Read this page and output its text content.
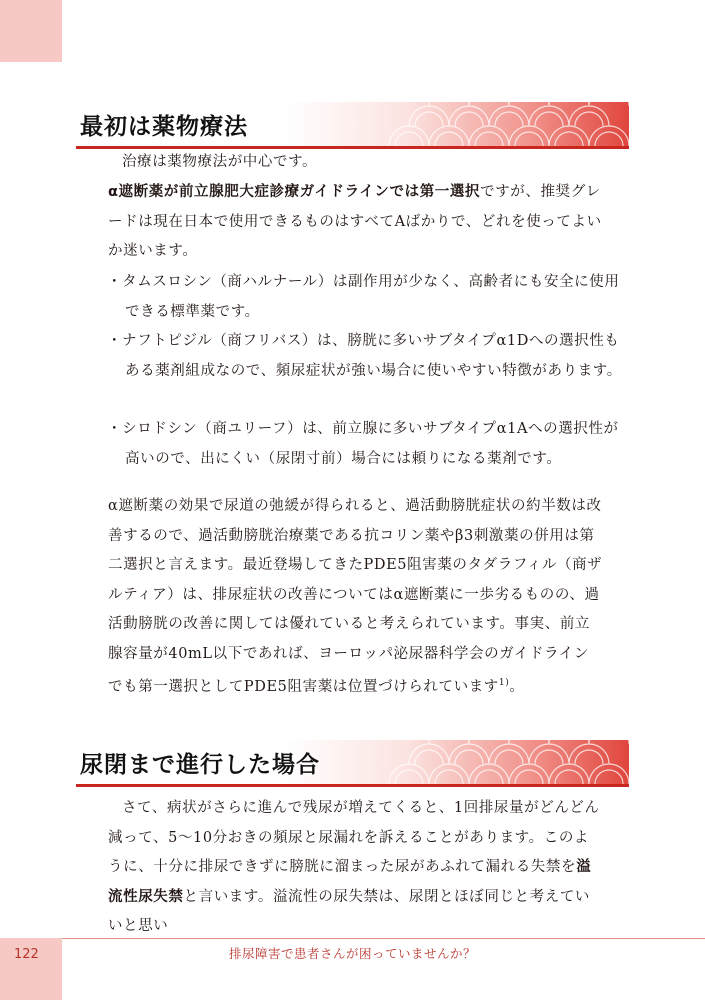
最初は薬物療法

治療は薬物療法が中心です。

α遮断薬が前立腺肥大症診療ガイドラインでは第一選択ですが、推奨グレードは現在日本で使用できるものはすべてAばかりで、どれを使ってよいか迷います。

・タムスロシン（商ハルナール）は副作用が少なく、高齢者にも安全に使用できる標準薬です。

・ナフトピジル（商フリバス）は、膀胱に多いサブタイプα1Dへの選択性もある薬剤組成なので、頻尿症状が強い場合に使いやすい特徴があります。

・シロドシン（商ユリーフ）は、前立腺に多いサブタイプα1Aへの選択性が高いので、出にくい（尿閉寸前）場合には頼りになる薬剤です。

α遮断薬の効果で尿道の弛緩が得られると、過活動膀胱症状の約半数は改善するので、過活動膀胱治療薬である抗コリン薬やβ3刺激薬の併用は第二選択と言えます。最近登場してきたPDE5阻害薬のタダラフィル（商ザルティア）は、排尿症状の改善についてはα遮断薬に一歩劣るものの、過活動膀胱の改善に関しては優れていると考えられています。事実、前立腺容量が40mL以下であれば、ヨーロッパ泌尿器科学会のガイドラインでも第一選択としてPDE5阻害薬は位置づけられています$^{1)}$。

尿閉まで進行した場合

さて、病状がさらに進んで残尿が増えてくると、1回排尿量がどんどん減って、5〜10分おきの頻尿と尿漏れを訴えることがあります。このように、十分に排尿できずに膀胱に溜まった尿があふれて漏れる失禁を溢流性尿失禁と言います。溢流性の尿失禁は、尿閉とほぼ同じと考えていいと思い

122	排尿障害で患者さんが困っていませんか？
